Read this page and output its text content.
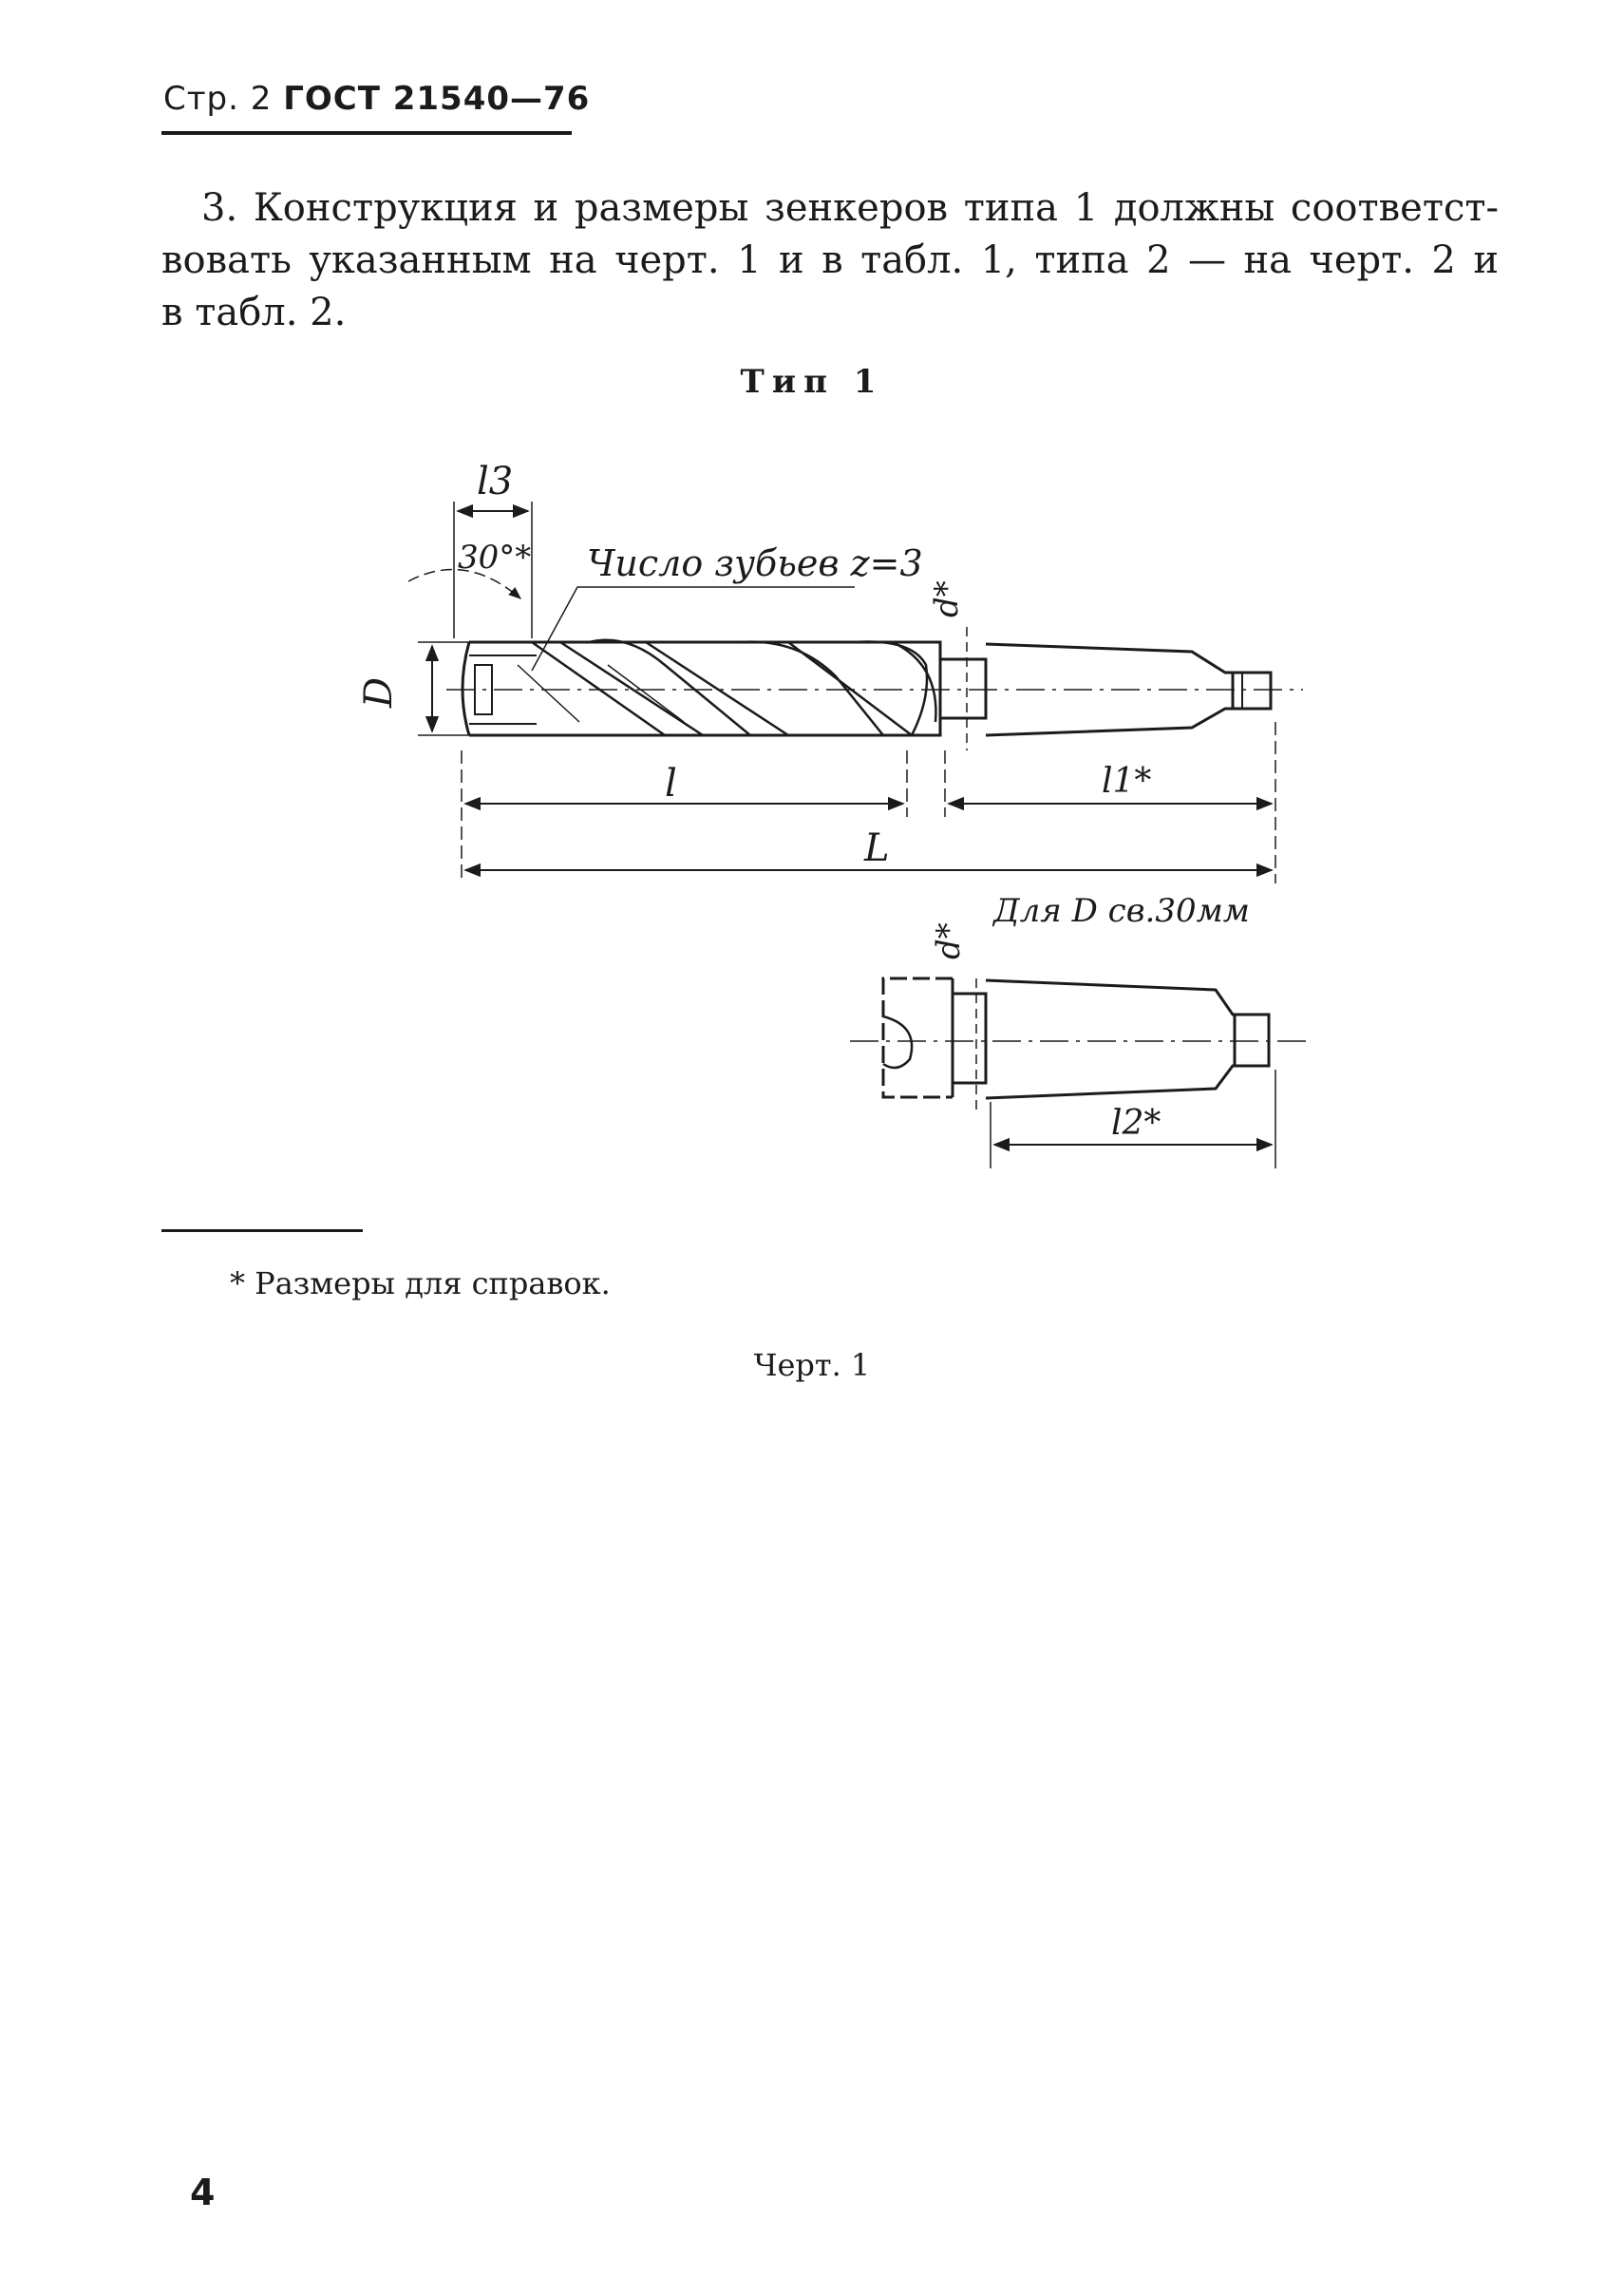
Стр. 2 ГОСТ 21540—76

3. Конструкция и размеры зенкеров типа 1 должны соответст-
вовать указанным на черт. 1 и в табл. 1, типа 2 — на черт. 2 и
в табл. 2.

Тип 1
l3
30°* Число зубьев z=3
d*
D
l	l1*
L
d*
Для D св.30мм
l2*
* Размеры для справок.
Черт. 1
4
